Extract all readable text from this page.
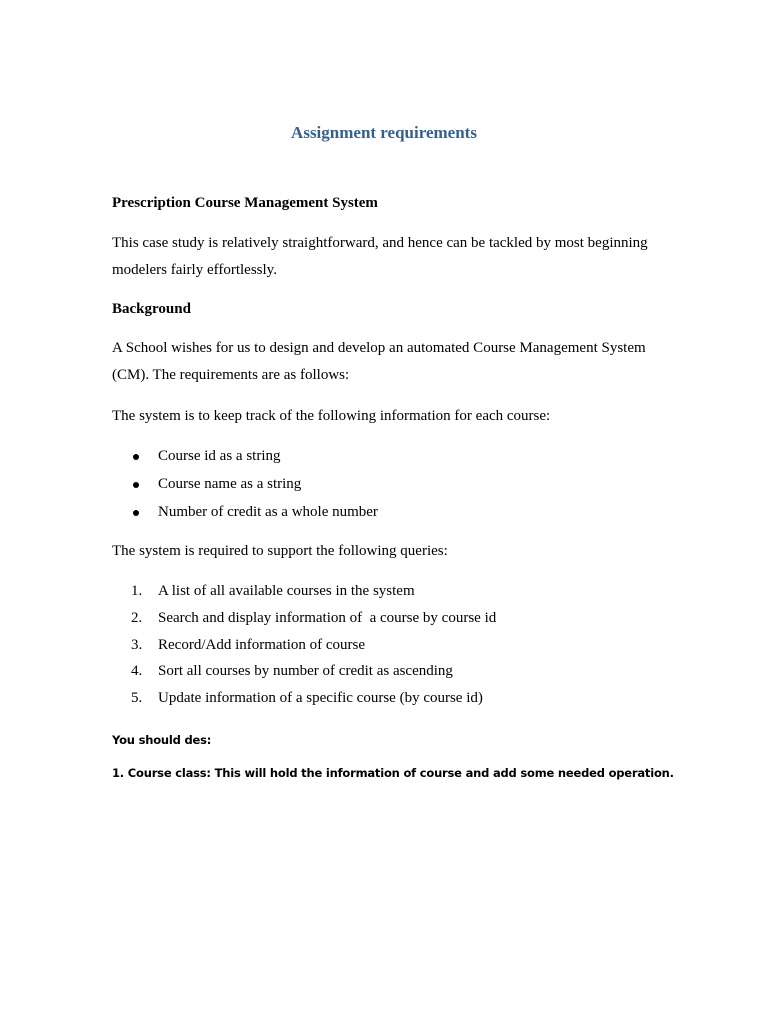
Assignment requirements
Prescription Course Management System
This case study is relatively straightforward, and hence can be tackled by most beginning
modelers fairly effortlessly.
Background
A School wishes for us to design and develop an automated Course Management System
(CM). The requirements are as follows:
The system is to keep track of the following information for each course:
Course id as a string
Course name as a string
Number of credit as a whole number
The system is required to support the following queries:
1.	A list of all available courses in the system
2.	Search and display information of  a course by course id
3.	Record/Add information of course
4.	Sort all courses by number of credit as ascending
5.	Update information of a specific course (by course id)
You should des:
1. Course class: This will hold the information of course and add some needed operation.
